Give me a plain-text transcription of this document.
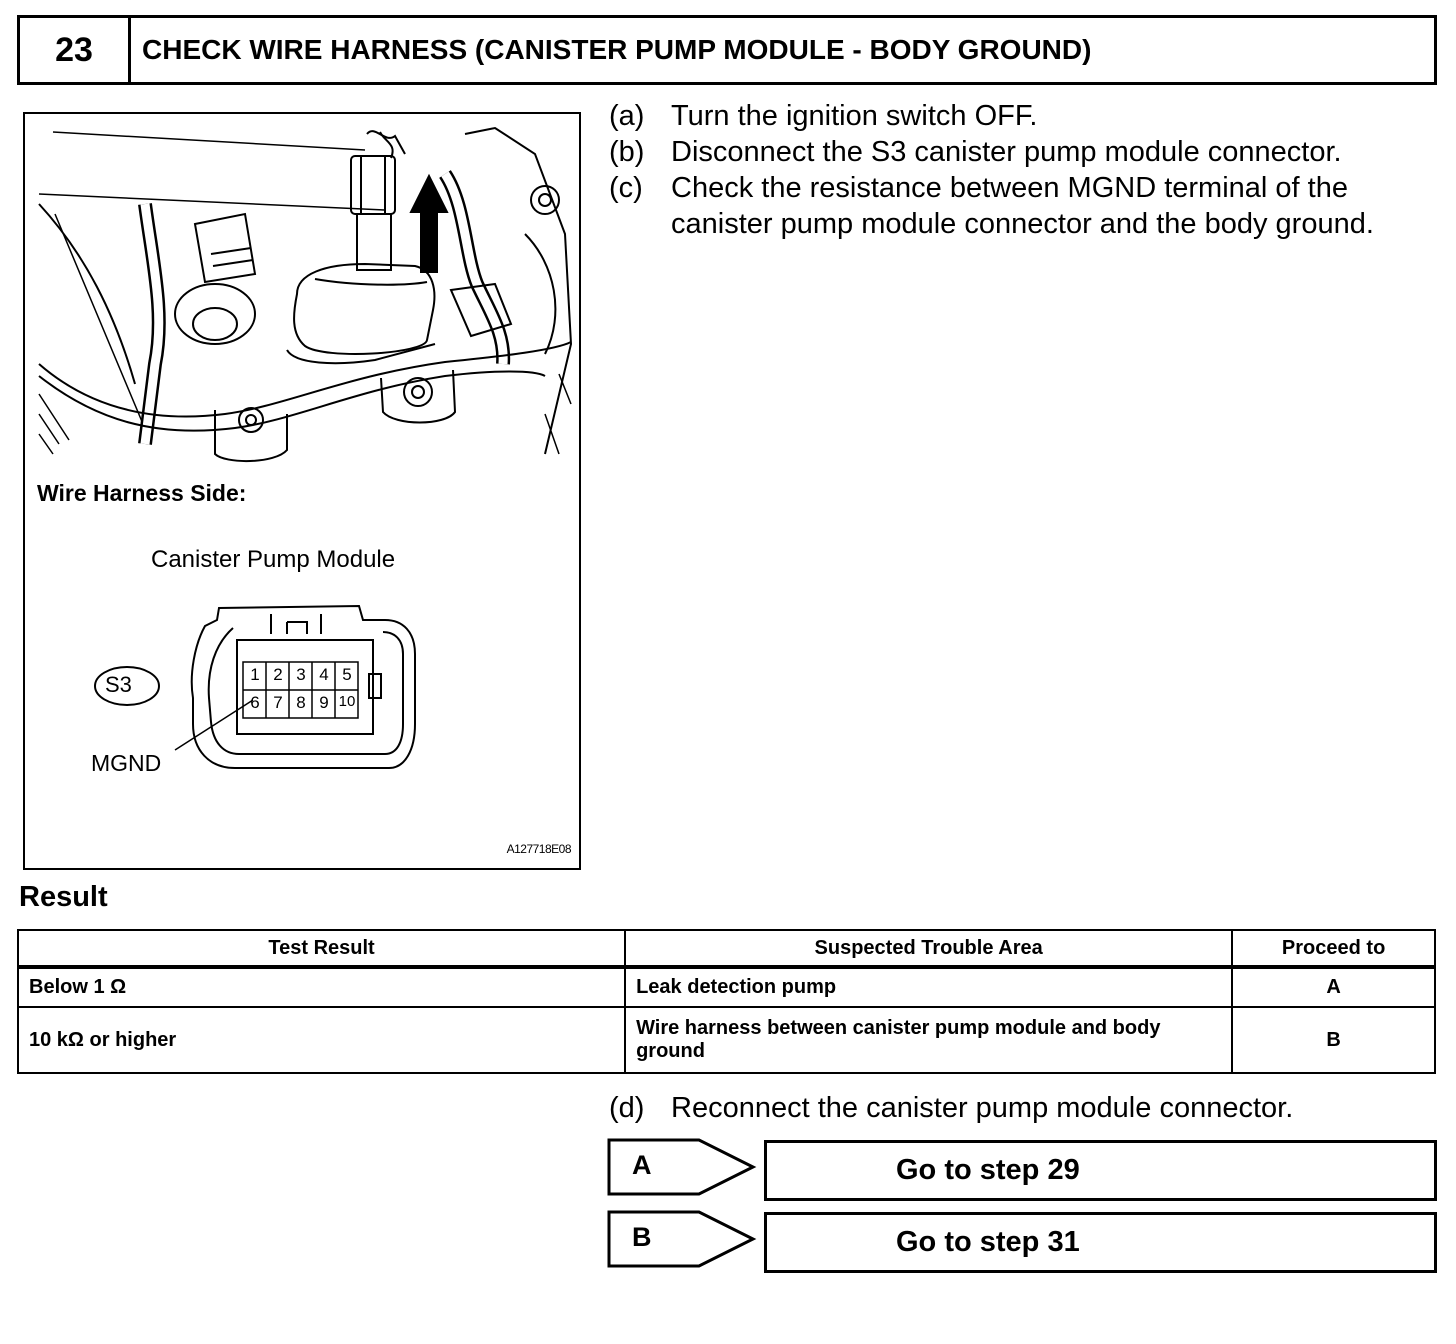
23	CHECK WIRE HARNESS (CANISTER PUMP MODULE - BODY GROUND)
Wire Harness Side:
Canister Pump Module
S3
MGND
A127718E08
1 2 3 4 5
6 7 8 9 10
(a) Turn the ignition switch OFF.
(b) Disconnect the S3 canister pump module connector.
(c) Check the resistance between MGND terminal of the canister pump module connector and the body ground.
Result
Test Result	Suspected Trouble Area	Proceed to
Below 1 Ω	Leak detection pump	A
10 kΩ or higher	Wire harness between canister pump module and body ground	B
(d) Reconnect the canister pump module connector.
A	Go to step 29
B	Go to step 31
